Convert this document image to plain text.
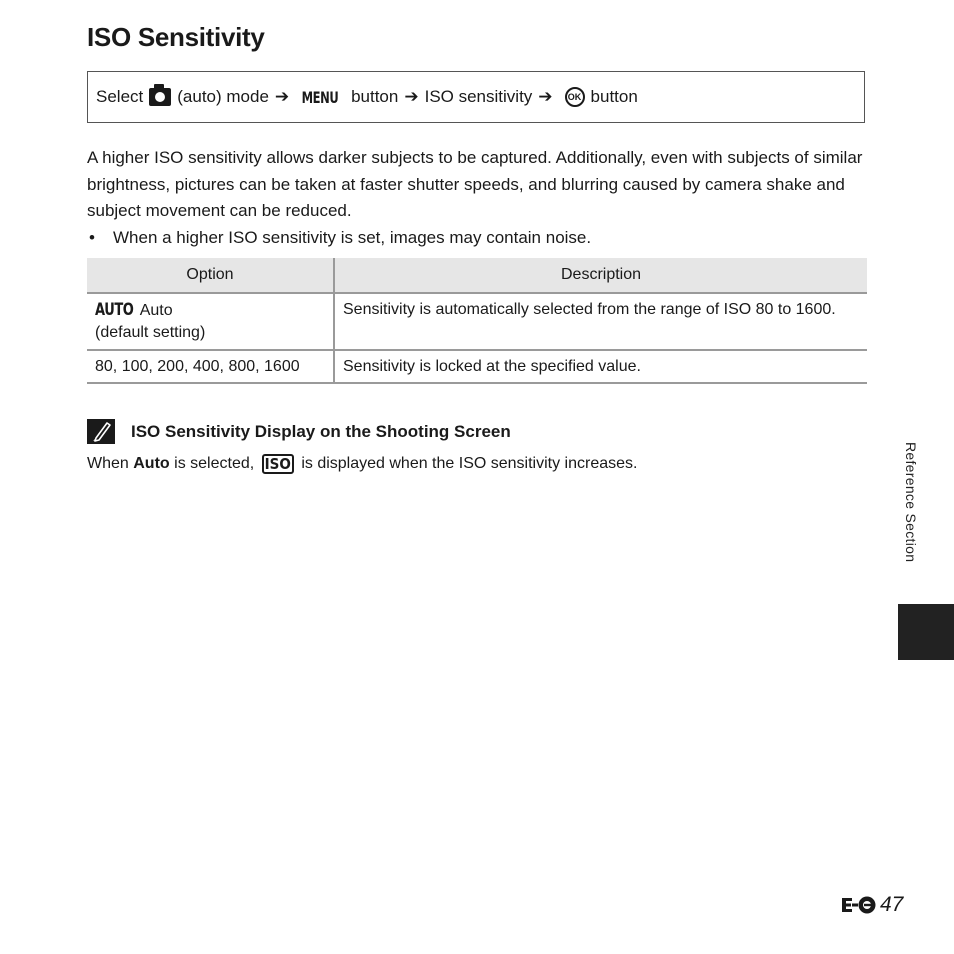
ISO Sensitivity
Select (auto) mode ➔ MENU button ➔ ISO sensitivity ➔	OK button

A higher ISO sensitivity allows darker subjects to be captured. Additionally, even with subjects of similar brightness, pictures can be taken at faster shutter speeds, and blurring caused by camera shake and subject movement can be reduced.

•	When a higher ISO sensitivity is set, images may contain noise.
Option	Description
AUTO Auto
(default setting)	Sensitivity is automatically selected from the range of ISO 80 to 1600.
80, 100, 200, 400, 800, 1600	Sensitivity is locked at the specified value.
ISO Sensitivity Display on the Shooting Screen

When Auto is selected, ISO is displayed when the ISO sensitivity increases.	Reference Section
47
